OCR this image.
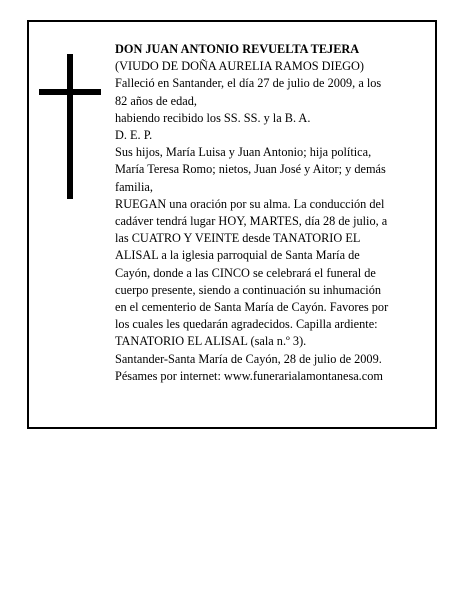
DON JUAN ANTONIO REVUELTA TEJERA
(VIUDO DE DOÑA AURELIA RAMOS DIEGO)
Falleció en Santander, el día 27 de julio de 2009, a los
82 años de edad,
habiendo recibido los SS. SS. y la B. A.
D. E. P.
Sus hijos, María Luisa y Juan Antonio; hija política,
María Teresa Romo; nietos, Juan José y Aitor; y demás
familia,
RUEGAN una oración por su alma. La conducción del
cadáver tendrá lugar HOY, MARTES, día 28 de julio, a
las CUATRO Y VEINTE desde TANATORIO EL
ALISAL a la iglesia parroquial de Santa María de
Cayón, donde a las CINCO se celebrará el funeral de
cuerpo presente, siendo a continuación su inhumación
en el cementerio de Santa María de Cayón. Favores por
los cuales les quedarán agradecidos. Capilla ardiente:
TANATORIO EL ALISAL (sala n.º 3).
Santander-Santa María de Cayón, 28 de julio de 2009.
Pésames por internet: www.funerarialamontanesa.com
